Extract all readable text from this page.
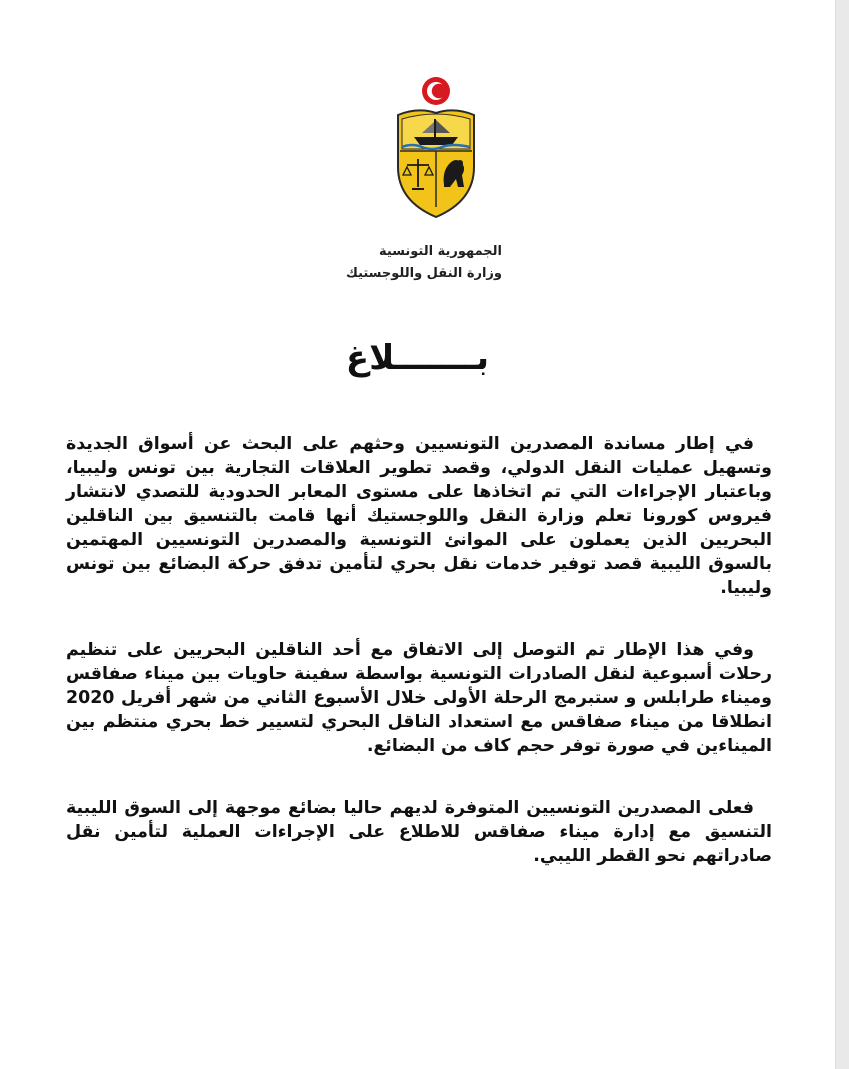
الجمهورية التونسية
وزارة النقل واللوجستيك
بـــــــلاغ

في إطار مساندة المصدرين التونسيين وحثهم على البحث عن أسواق الجديدة وتسهيل عمليات النقل الدولي، وقصد تطوير العلاقات التجارية بين تونس وليبيا، وباعتبار الإجراءات التي تم اتخاذها على مستوى المعابر الحدودية للتصدي لانتشار فيروس كورونا تعلم وزارة النقل واللوجستيك أنها قامت بالتنسيق بين الناقلين البحريين الذين يعملون على الموانئ التونسية والمصدرين التونسيين المهتمين بالسوق الليبية قصد توفير خدمات نقل بحري لتأمين تدفق حركة البضائع بين تونس وليبيا.

وفي هذا الإطار تم التوصل إلى الاتفاق مع أحد الناقلين البحريين على تنظيم رحلات أسبوعية لنقل الصادرات التونسية بواسطة سفينة حاويات بين ميناء صفاقس وميناء طرابلس و ستبرمج الرحلة الأولى خلال الأسبوع الثاني من شهر أفريل 2020 انطلاقا من ميناء صفاقس مع استعداد الناقل البحري لتسيير خط بحري منتظم بين الميناءين في صورة توفر حجم كاف من البضائع.

فعلى المصدرين التونسيين المتوفرة لديهم حاليا بضائع موجهة إلى السوق الليبية التنسيق مع إدارة ميناء صفاقس للاطلاع على الإجراءات العملية لتأمين نقل صادراتهم نحو القطر الليبي.
